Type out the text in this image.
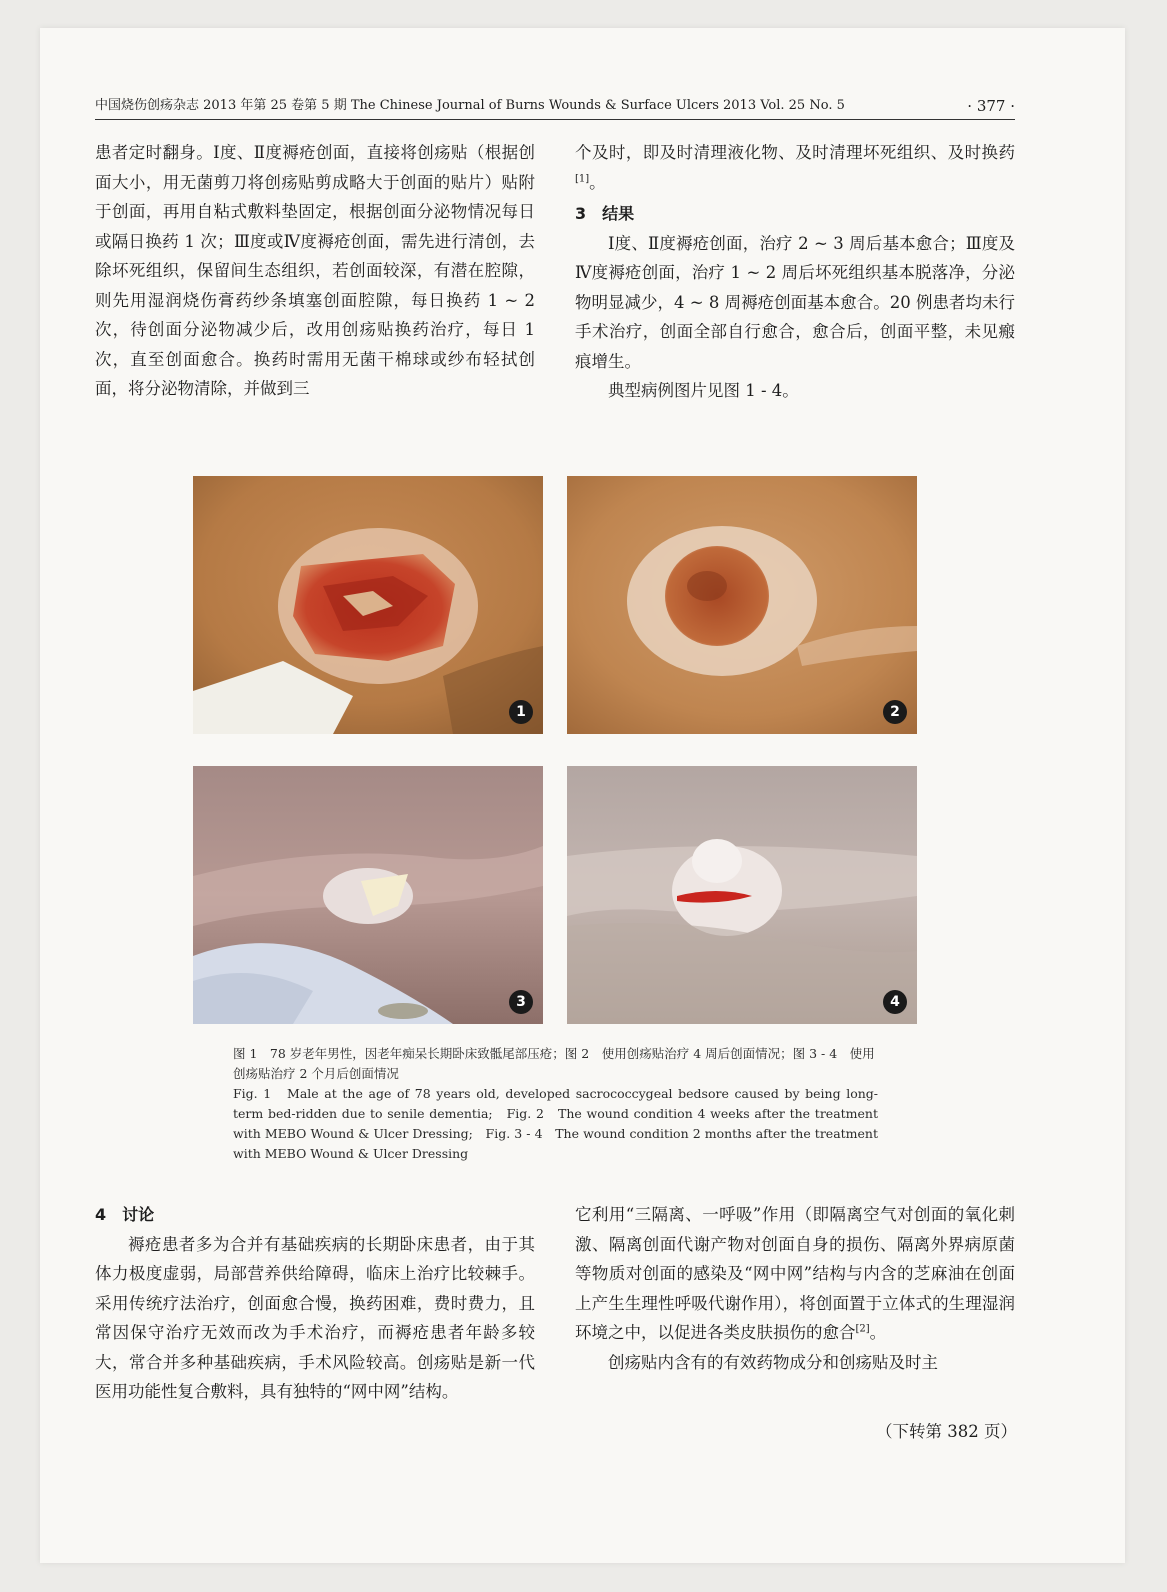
中国烧伤创疡杂志 2013 年第 25 卷第 5 期 The Chinese Journal of Burns Wounds & Surface Ulcers 2013 Vol. 25 No. 5	· 377 ·

患者定时翻身。Ⅰ度、Ⅱ度褥疮创面，直接将创疡贴（根据创面大小，用无菌剪刀将创疡贴剪成略大于创面的贴片）贴附于创面，再用自粘式敷料垫固定，根据创面分泌物情况每日或隔日换药 1 次；Ⅲ度或Ⅳ度褥疮创面，需先进行清创，去除坏死组织，保留间生态组织，若创面较深，有潜在腔隙，则先用湿润烧伤膏药纱条填塞创面腔隙，每日换药 1 ~ 2 次，待创面分泌物减少后，改用创疡贴换药治疗，每日 1 次，直至创面愈合。换药时需用无菌干棉球或纱布轻拭创面，将分泌物清除，并做到三

个及时，即及时清理液化物、及时清理坏死组织、及时换药[1]。

3　结果

Ⅰ度、Ⅱ度褥疮创面，治疗 2 ~ 3 周后基本愈合；Ⅲ度及Ⅳ度褥疮创面，治疗 1 ~ 2 周后坏死组织基本脱落净，分泌物明显减少，4 ~ 8 周褥疮创面基本愈合。20 例患者均未行手术治疗，创面全部自行愈合，愈合后，创面平整，未见瘢痕增生。

典型病例图片见图 1 - 4。

1	2
3	4

图 1　78 岁老年男性，因老年痴呆长期卧床致骶尾部压疮；图 2　使用创疡贴治疗 4 周后创面情况；图 3 - 4　使用创疡贴治疗 2 个月后创面情况

Fig. 1　Male at the age of 78 years old, developed sacrococcygeal bedsore caused by being long-term bed-ridden due to senile dementia;　Fig. 2　The wound condition 4 weeks after the treatment with MEBO Wound & Ulcer Dressing;　Fig. 3 - 4　The wound condition 2 months after the treatment with MEBO Wound & Ulcer Dressing

4　讨论

褥疮患者多为合并有基础疾病的长期卧床患者，由于其体力极度虚弱，局部营养供给障碍，临床上治疗比较棘手。采用传统疗法治疗，创面愈合慢，换药困难，费时费力，且常因保守治疗无效而改为手术治疗，而褥疮患者年龄多较大，常合并多种基础疾病，手术风险较高。创疡贴是新一代医用功能性复合敷料，具有独特的“网中网”结构。

它利用“三隔离、一呼吸”作用（即隔离空气对创面的氧化刺激、隔离创面代谢产物对创面自身的损伤、隔离外界病原菌等物质对创面的感染及“网中网”结构与内含的芝麻油在创面上产生生理性呼吸代谢作用），将创面置于立体式的生理湿润环境之中，以促进各类皮肤损伤的愈合[2]。

创疡贴内含有的有效药物成分和创疡贴及时主

（下转第 382 页）
